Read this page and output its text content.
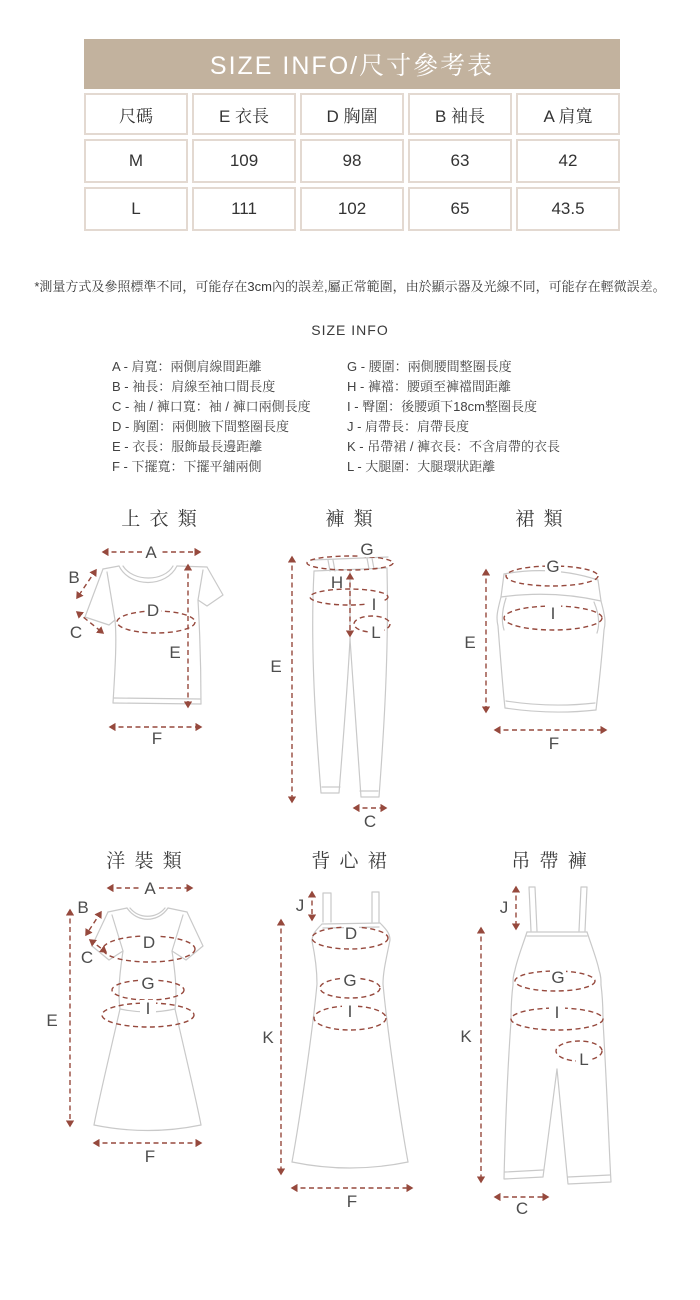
SIZE INFO/尺寸參考表				
尺碼	E 衣長	D 胸圍	B 袖長	A 肩寬
M	109	98	63	42
L	111	102	65	43.5
*測量方式及參照標準不同，可能存在3cm內的誤差,屬正常範圍，由於顯示器及光線不同，可能存在輕微誤差。
SIZE INFO
A - 肩寬：兩側肩線間距離
B - 袖長：肩線至袖口間長度
C - 袖 / 褲口寬：袖 / 褲口兩側長度
D - 胸圍：兩側腋下間整圈長度
E - 衣長：服飾最長邊距離
F - 下擺寬：下擺平舖兩側
G - 腰圍：兩側腰間整圈長度
H - 褲襠：腰頭至褲襠間距離
I - 臀圍：後腰頭下18cm整圈長度
J - 肩帶長：肩帶長度
K - 吊帶裙 / 褲衣長：不含肩帶的衣長
L - 大腿圍：大腿環狀距離
上 衣 類	褲 類	裙 類
洋 裝 類	背 心 裙	吊 帶 褲
A
B
C
D
E
F
G
H
I
L
E
C
G
I
E
F
A
B
C
D
G
I
E
F
J
D
G
I
K
F
J
G
I
L
K
C
